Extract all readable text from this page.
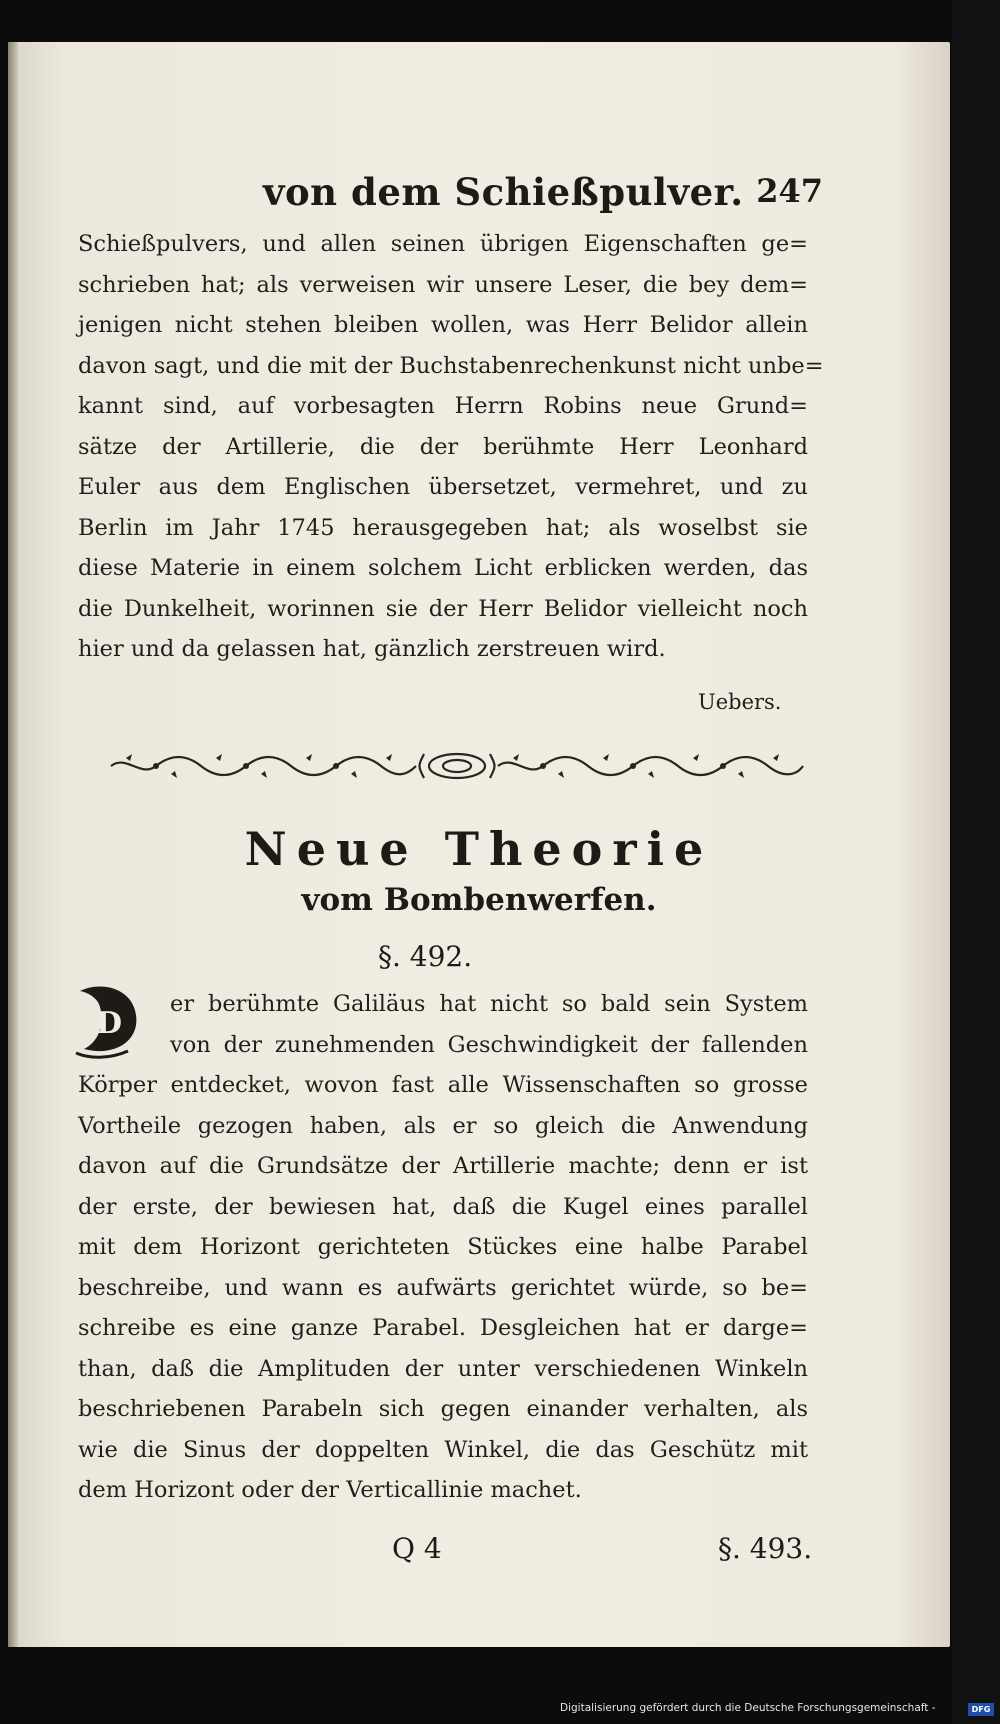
von dem Schießpulver. 247
Schießpulvers, und allen seinen übrigen Eigenschaften ge=
schrieben hat; als verweisen wir unsere Leser, die bey dem=
jenigen nicht stehen bleiben wollen, was Herr Belidor allein
davon sagt, und die mit der Buchstabenrechenkunst nicht unbe=
kannt sind, auf vorbesagten Herrn Robins neue Grund=
sätze der Artillerie, die der berühmte Herr Leonhard
Euler aus dem Englischen übersetzet, vermehret, und zu
Berlin im Jahr 1745 herausgegeben hat; als woselbst sie
diese Materie in einem solchem Licht erblicken werden, das
die Dunkelheit, worinnen sie der Herr Belidor vielleicht noch
hier und da gelassen hat, gänzlich zerstreuen wird.
Uebers.
Neue Theorie
vom Bombenwerfen.
§. 492.
D
er berühmte Galiläus hat nicht so bald sein System
von der zunehmenden Geschwindigkeit der fallenden
Körper entdecket, wovon fast alle Wissenschaften so grosse
Vortheile gezogen haben, als er so gleich die Anwendung
davon auf die Grundsätze der Artillerie machte; denn er ist
der erste, der bewiesen hat, daß die Kugel eines parallel
mit dem Horizont gerichteten Stückes eine halbe Parabel
beschreibe, und wann es aufwärts gerichtet würde, so be=
schreibe es eine ganze Parabel. Desgleichen hat er darge=
than, daß die Amplituden der unter verschiedenen Winkeln
beschriebenen Parabeln sich gegen einander verhalten, als
wie die Sinus der doppelten Winkel, die das Geschütz mit
dem Horizont oder der Verticallinie machet.
Q 4	§. 493.
Digitalisierung gefördert durch die Deutsche Forschungsgemeinschaft -	DFG
